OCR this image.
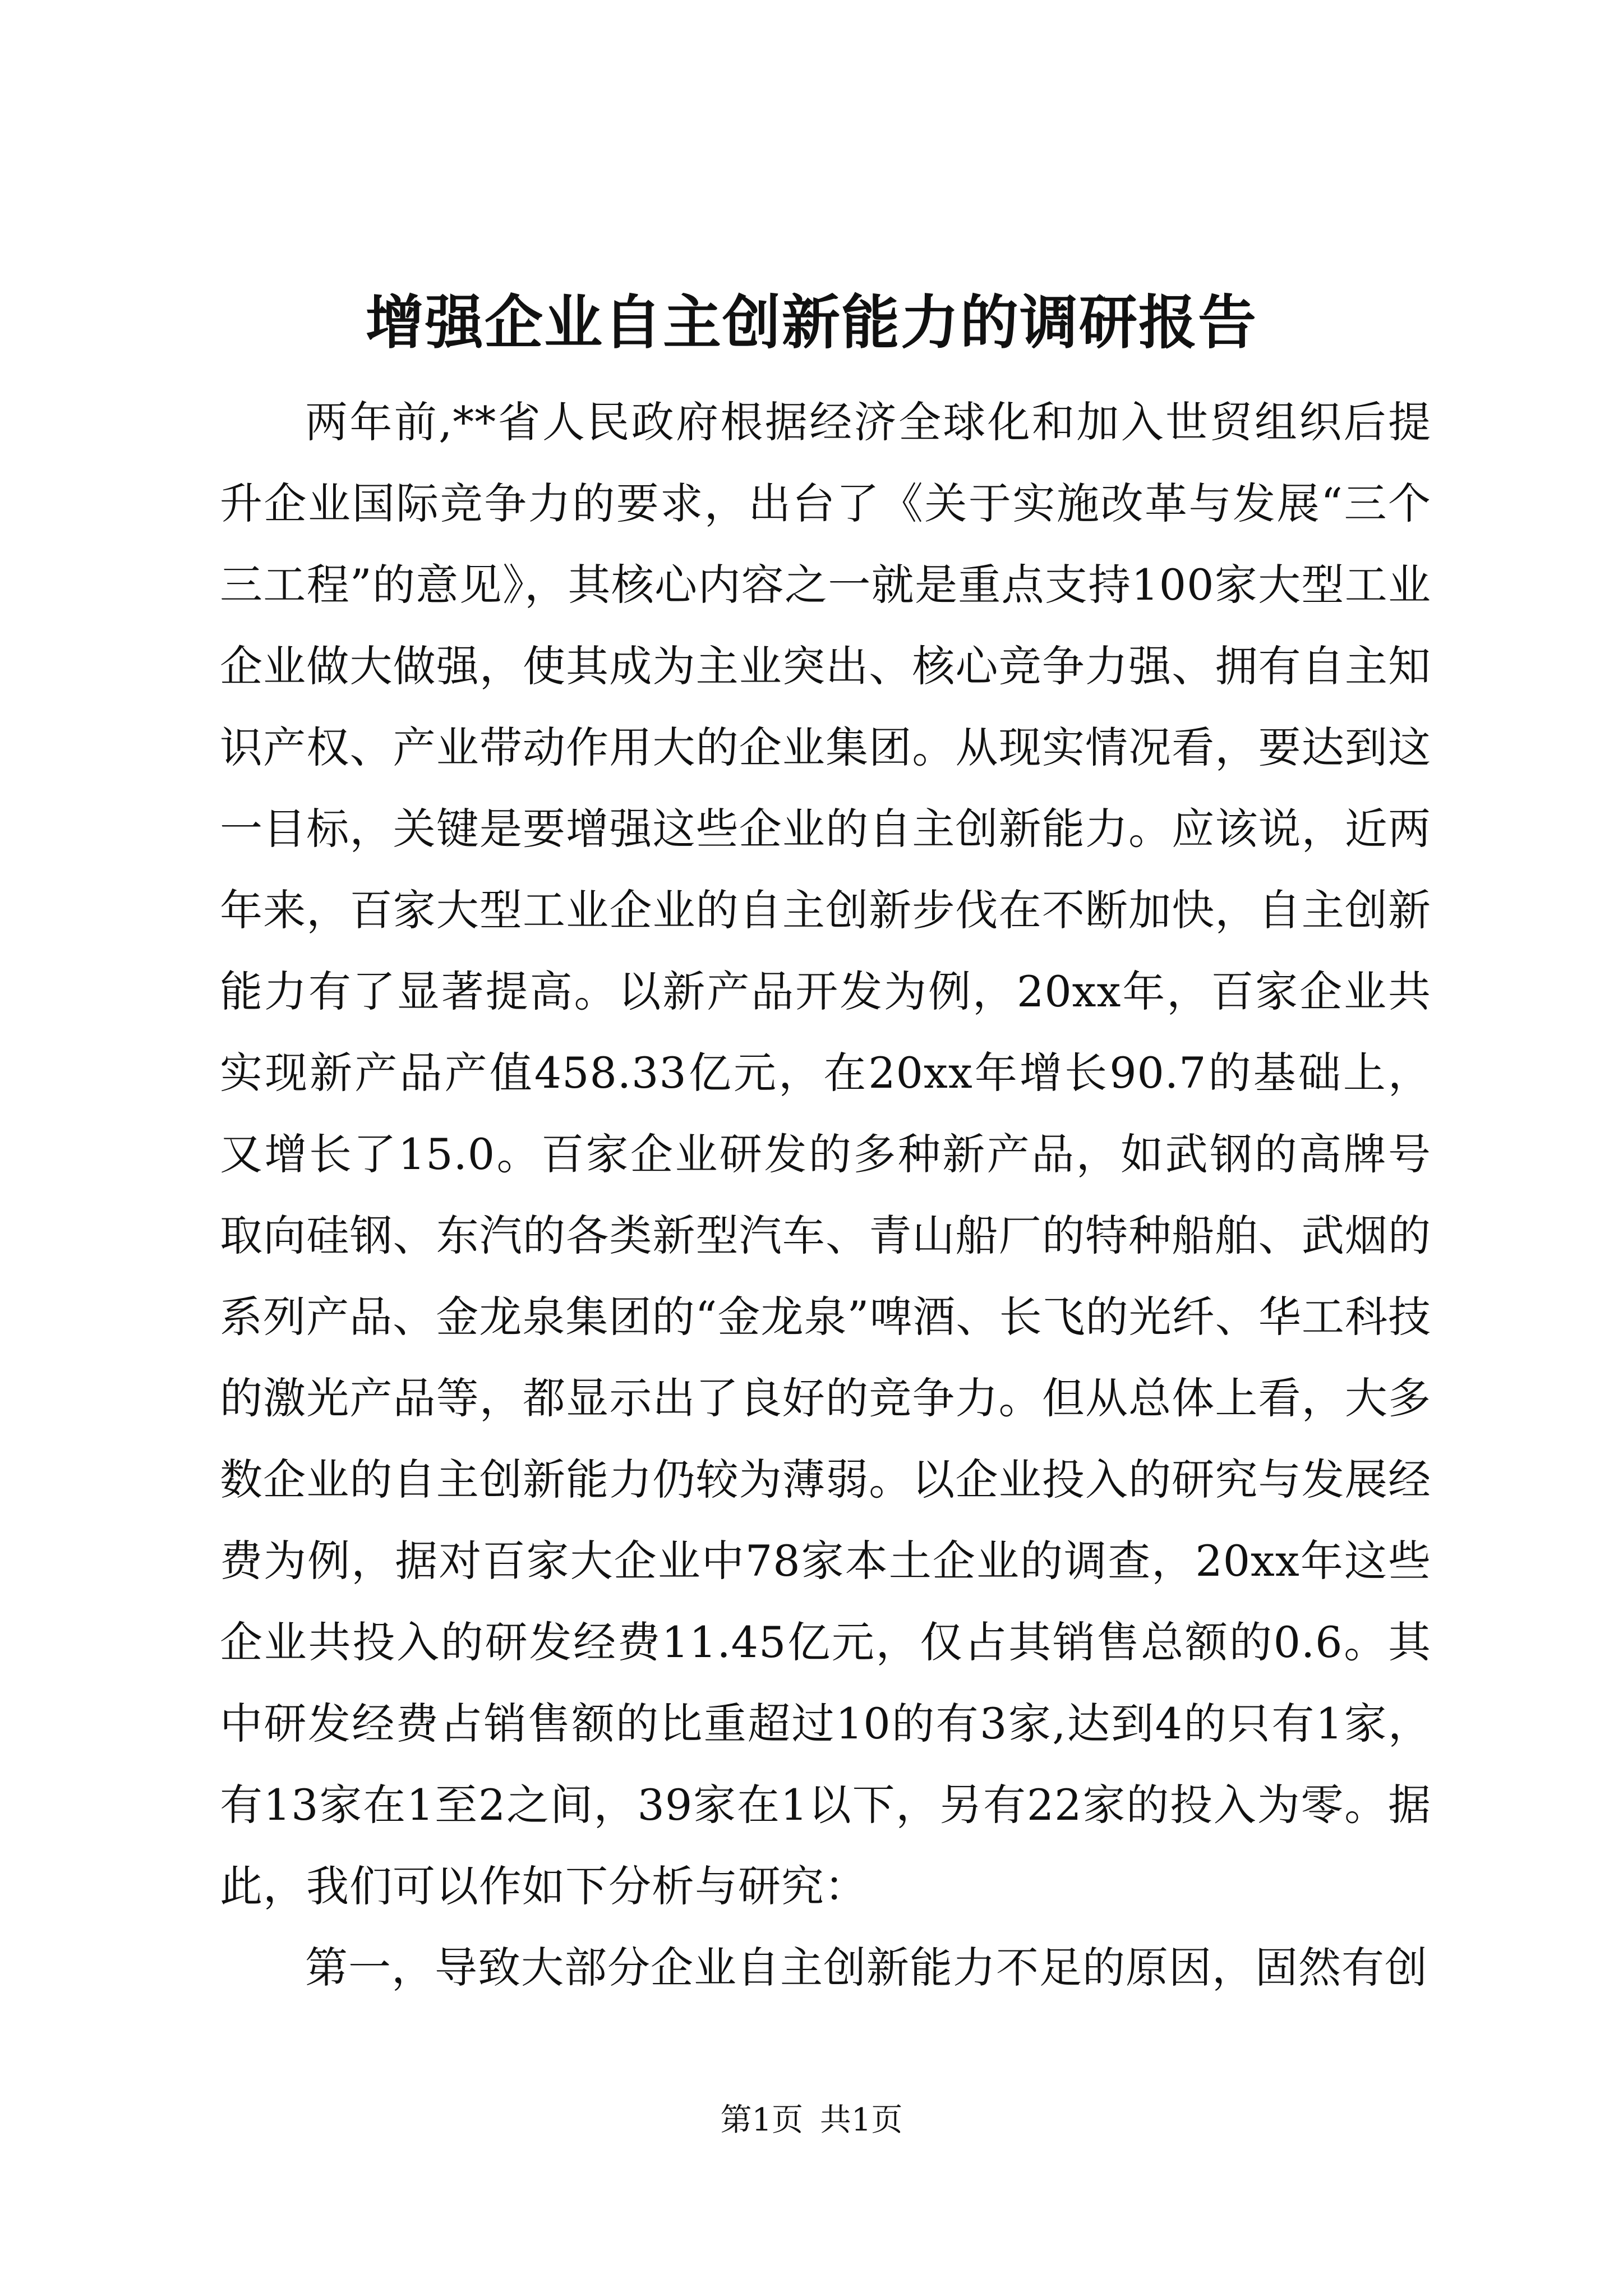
增强企业自主创新能力的调研报告

两年前,**省人民政府根据经济全球化和加入世贸组织后提升企业国际竞争力的要求，出台了《关于实施改革与发展“三个三工程”的意见》，其核心内容之一就是重点支持100家大型工业企业做大做强，使其成为主业突出、核心竞争力强、拥有自主知识产权、产业带动作用大的企业集团。从现实情况看，要达到这一目标，关键是要增强这些企业的自主创新能力。应该说，近两年来，百家大型工业企业的自主创新步伐在不断加快，自主创新能力有了显著提高。以新产品开发为例，20xx年，百家企业共实现新产品产值458.33亿元，在20xx年增长90.7的基础上，又增长了15.0。百家企业研发的多种新产品，如武钢的高牌号取向硅钢、东汽的各类新型汽车、青山船厂的特种船舶、武烟的系列产品、金龙泉集团的“金龙泉”啤酒、长飞的光纤、华工科技的激光产品等，都显示出了良好的竞争力。但从总体上看，大多数企业的自主创新能力仍较为薄弱。以企业投入的研究与发展经费为例，据对百家大企业中78家本土企业的调查，20xx年这些企业共投入的研发经费11.45亿元，仅占其销售总额的0.6。其中研发经费占销售额的比重超过10的有3家,达到4的只有1家，有13家在1至2之间，39家在1以下，另有22家的投入为零。据此，我们可以作如下分析与研究：

第一，导致大部分企业自主创新能力不足的原因，固然有创

第1页 共1页
